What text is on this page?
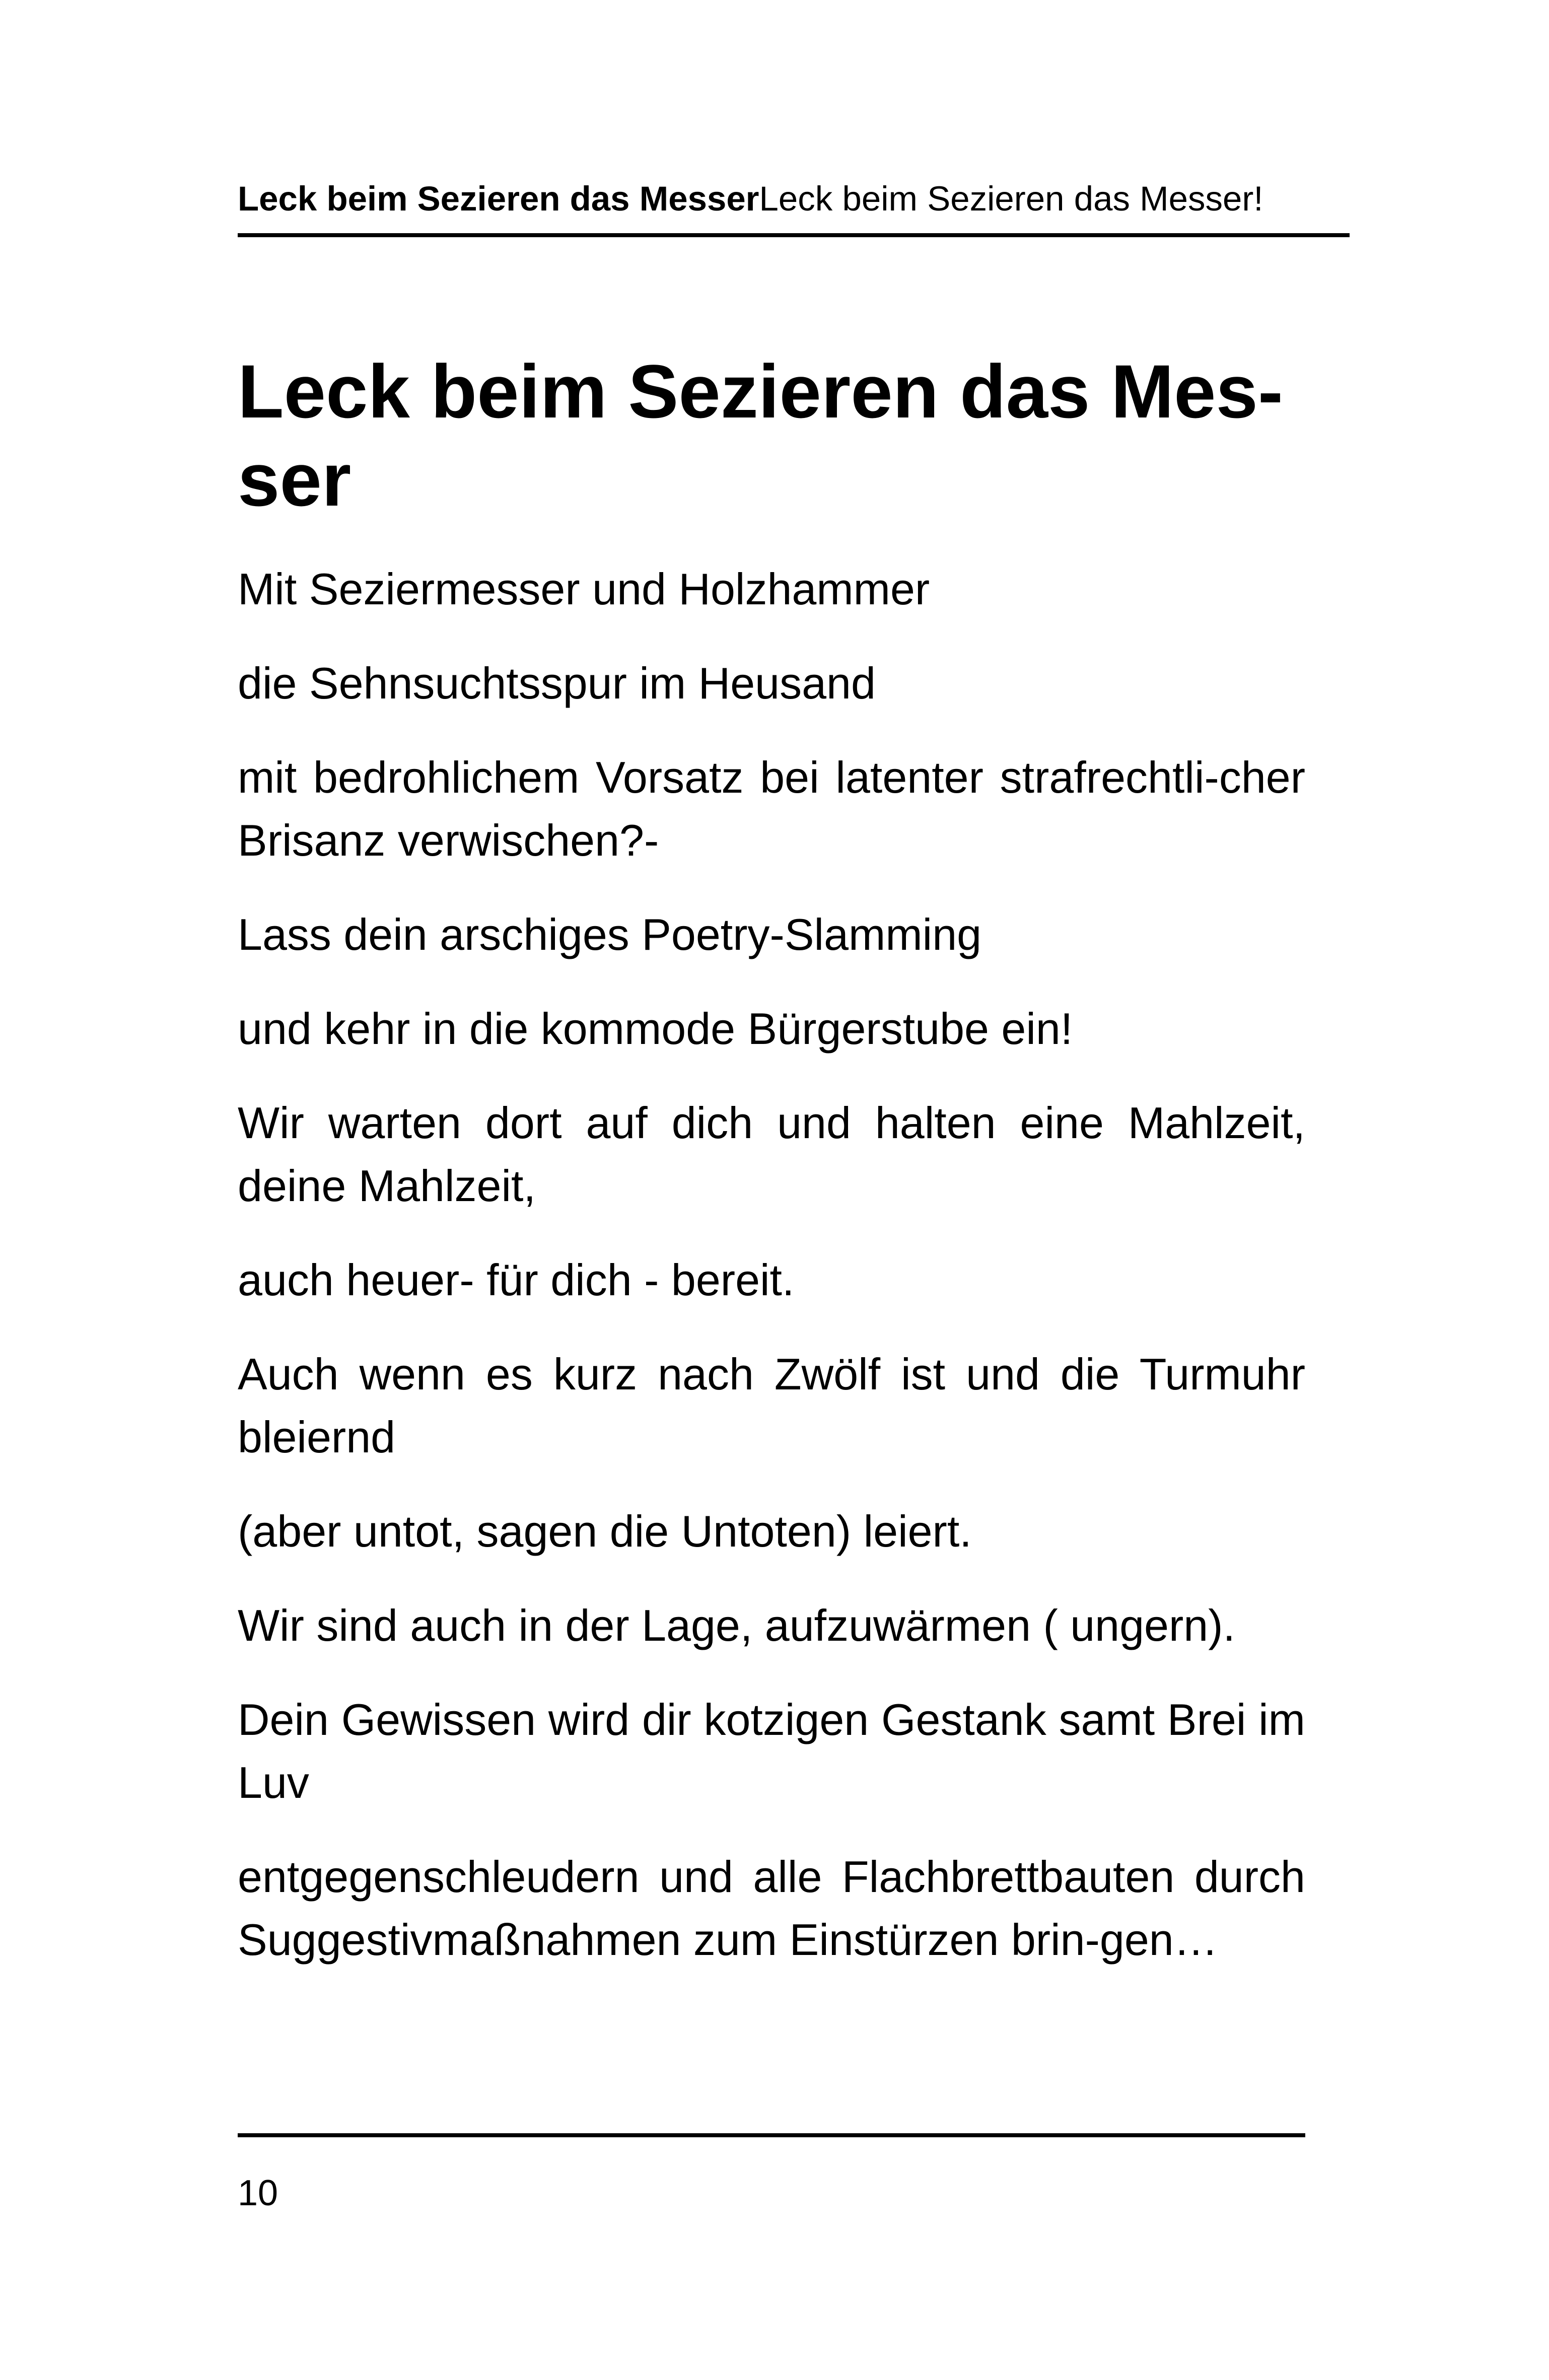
Leck beim Sezieren das MesserLeck beim Sezieren das Messer!
Leck beim Sezieren das Mes-
ser

Mit Seziermesser und Holzhammer

die Sehnsuchtsspur im Heusand

mit bedrohlichem Vorsatz bei latenter strafrechtli-​cher Brisanz verwischen?-

Lass dein arschiges Poetry-Slamming

und kehr in die kommode Bürgerstube ein!

Wir warten dort auf dich und halten eine Mahlzeit, deine Mahlzeit,

auch heuer- für dich - bereit.

Auch wenn es kurz nach Zwölf ist und die Turmuhr bleiernd

(aber untot, sagen die Untoten) leiert.

Wir sind auch in der Lage, aufzuwärmen ( ungern).

Dein Gewissen wird dir kotzigen Gestank samt Brei im Luv

entgegenschleudern und alle Flachbrettbauten durch Suggestivmaßnahmen zum Einstürzen brin-​gen…

10
